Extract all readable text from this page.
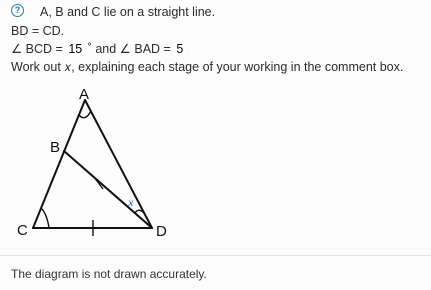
?	A, B and C lie on a straight line.
BD = CD.
∠ BCD = 15 ˚ and ∠ BAD = 5
Work out 𝑥, explaining each stage of your working in the comment box.
A
B
C	D
x
The diagram is not drawn accurately.
